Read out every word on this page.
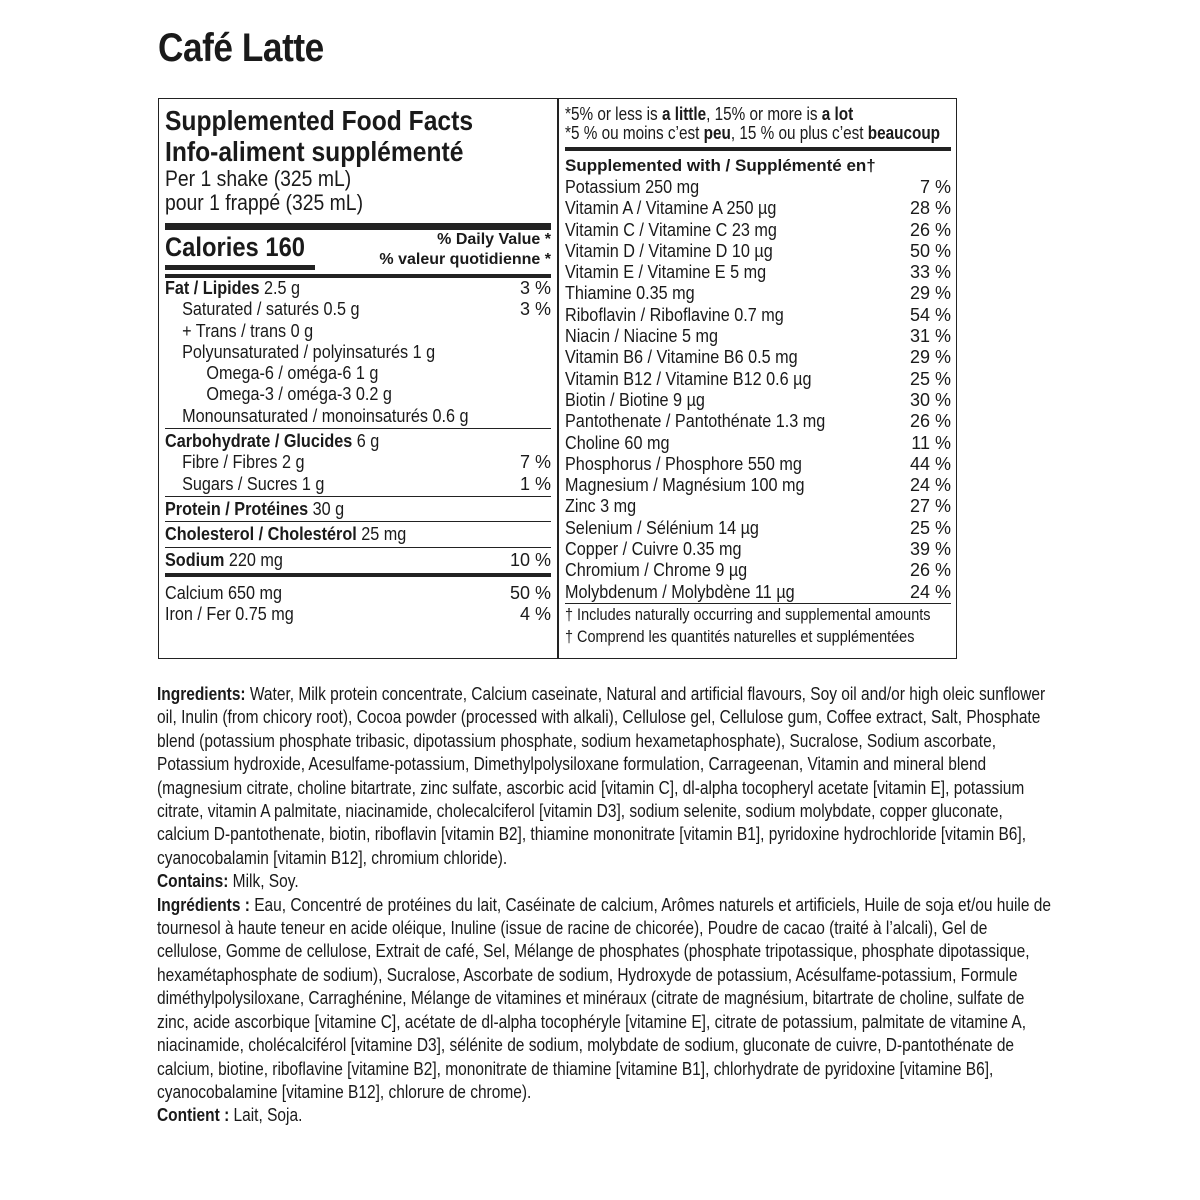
Café Latte
Supplemented Food Facts
Info-aliment supplémenté
Per 1 shake (325 mL)
pour 1 frappé (325 mL)
Calories 160	% Daily Value *
% valeur quotidienne *
Fat / Lipides 2.5 g	3 %
Saturated / saturés 0.5 g	3 %
+ Trans / trans 0 g
Polyunsaturated / polyinsaturés 1 g
Omega-6 / oméga-6 1 g
Omega-3 / oméga-3 0.2 g
Monounsaturated / monoinsaturés 0.6 g
Carbohydrate / Glucides 6 g
Fibre / Fibres 2 g	7 %
Sugars / Sucres 1 g	1 %
Protein / Protéines 30 g
Cholesterol / Cholestérol 25 mg
Sodium 220 mg	10 %
Calcium 650 mg	50 %
Iron / Fer 0.75 mg	4 %
*5% or less is a little, 15% or more is a lot
*5 % ou moins c’est peu, 15 % ou plus c’est beaucoup
Supplemented with / Supplémenté en†
Potassium 250 mg	7 %
Vitamin A / Vitamine A 250 µg	28 %
Vitamin C / Vitamine C 23 mg	26 %
Vitamin D / Vitamine D 10 µg	50 %
Vitamin E / Vitamine E 5 mg	33 %
Thiamine 0.35 mg	29 %
Riboflavin / Riboflavine 0.7 mg	54 %
Niacin / Niacine 5 mg	31 %
Vitamin B6 / Vitamine B6 0.5 mg	29 %
Vitamin B12 / Vitamine B12 0.6 µg	25 %
Biotin / Biotine 9 µg	30 %
Pantothenate / Pantothénate 1.3 mg	26 %
Choline 60 mg	11 %
Phosphorus / Phosphore 550 mg	44 %
Magnesium / Magnésium 100 mg	24 %
Zinc 3 mg	27 %
Selenium / Sélénium 14 µg	25 %
Copper / Cuivre 0.35 mg	39 %
Chromium / Chrome 9 µg	26 %
Molybdenum / Molybdène 11 µg	24 %
† Includes naturally occurring and supplemental amounts
† Comprend les quantités naturelles et supplémentées

Ingredients: Water, Milk protein concentrate, Calcium caseinate, Natural and artificial flavours, Soy oil and/or high oleic sunflower oil, Inulin (from chicory root), Cocoa powder (processed with alkali), Cellulose gel, Cellulose gum, Coffee extract, Salt, Phosphate blend (potassium phosphate tribasic, dipotassium phosphate, sodium hexametaphosphate), Sucralose, Sodium ascorbate, Potassium hydroxide, Acesulfame-potassium, Dimethylpolysiloxane formulation, Carrageenan, Vitamin and mineral blend (magnesium citrate, choline bitartrate, zinc sulfate, ascorbic acid [vitamin C], dl-alpha tocopheryl acetate [vitamin E], potassium citrate, vitamin A palmitate, niacinamide, cholecalciferol [vitamin D3], sodium selenite, sodium molybdate, copper gluconate, calcium D-pantothenate, biotin, riboflavin [vitamin B2], thiamine mononitrate [vitamin B1], pyridoxine hydrochloride [vitamin B6], cyanocobalamin [vitamin B12], chromium chloride).

Contains: Milk, Soy.

Ingrédients : Eau, Concentré de protéines du lait, Caséinate de calcium, Arômes naturels et artificiels, Huile de soja et/ou huile de tournesol à haute teneur en acide oléique, Inuline (issue de racine de chicorée), Poudre de cacao (traité à l’alcali), Gel de cellulose, Gomme de cellulose, Extrait de café, Sel, Mélange de phosphates (phosphate tripotassique, phosphate dipotassique, hexamétaphosphate de sodium), Sucralose, Ascorbate de sodium, Hydroxyde de potassium, Acésulfame-potassium, Formule diméthylpolysiloxane, Carraghénine, Mélange de vitamines et minéraux (citrate de magnésium, bitartrate de choline, sulfate de zinc, acide ascorbique [vitamine C], acétate de dl-alpha tocophéryle [vitamine E], citrate de potassium, palmitate de vitamine A, niacinamide, cholécalciférol [vitamine D3], sélénite de sodium, molybdate de sodium, gluconate de cuivre, D-pantothénate de calcium, biotine, riboflavine [vitamine B2], mononitrate de thiamine [vitamine B1], chlorhydrate de pyridoxine [vitamine B6], cyanocobalamine [vitamine B12], chlorure de chrome).

Contient : Lait, Soja.
